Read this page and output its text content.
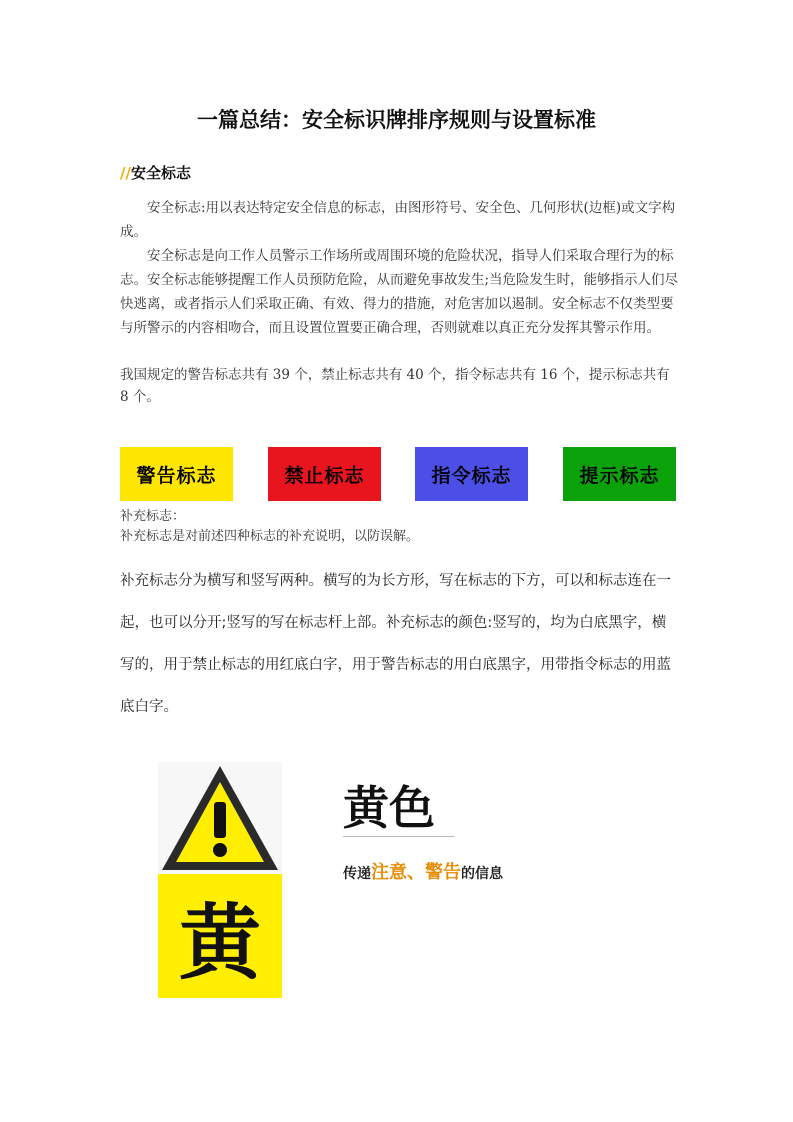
一篇总结：安全标识牌排序规则与设置标准
//安全标志
安全标志:用以表达特定安全信息的标志，由图形符号、安全色、几何形状(边框)或文字构成。
安全标志是向工作人员警示工作场所或周围环境的危险状况，指导人们采取合理行为的标志。安全标志能够提醒工作人员预防危险，从而避免事故发生;当危险发生时，能够指示人们尽快逃离，或者指示人们采取正确、有效、得力的措施，对危害加以遏制。安全标志不仅类型要与所警示的内容相吻合，而且设置位置要正确合理，否则就难以真正充分发挥其警示作用。
我国规定的警告标志共有 39 个，禁止标志共有 40 个，指令标志共有 16 个，提示标志共有 8 个。
警告标志	禁止标志	指令标志	提示标志
补充标志：
补充标志是对前述四种标志的补充说明，以防误解。
补充标志分为横写和竖写两种。横写的为长方形，写在标志的下方，可以和标志连在一起，也可以分开;竖写的写在标志杆上部。补充标志的颜色:竖写的，均为白底黑字，横写的，用于禁止标志的用红底白字，用于警告标志的用白底黑字，用带指令标志的用蓝底白字。
黄
黄色
传递注意、警告的信息
